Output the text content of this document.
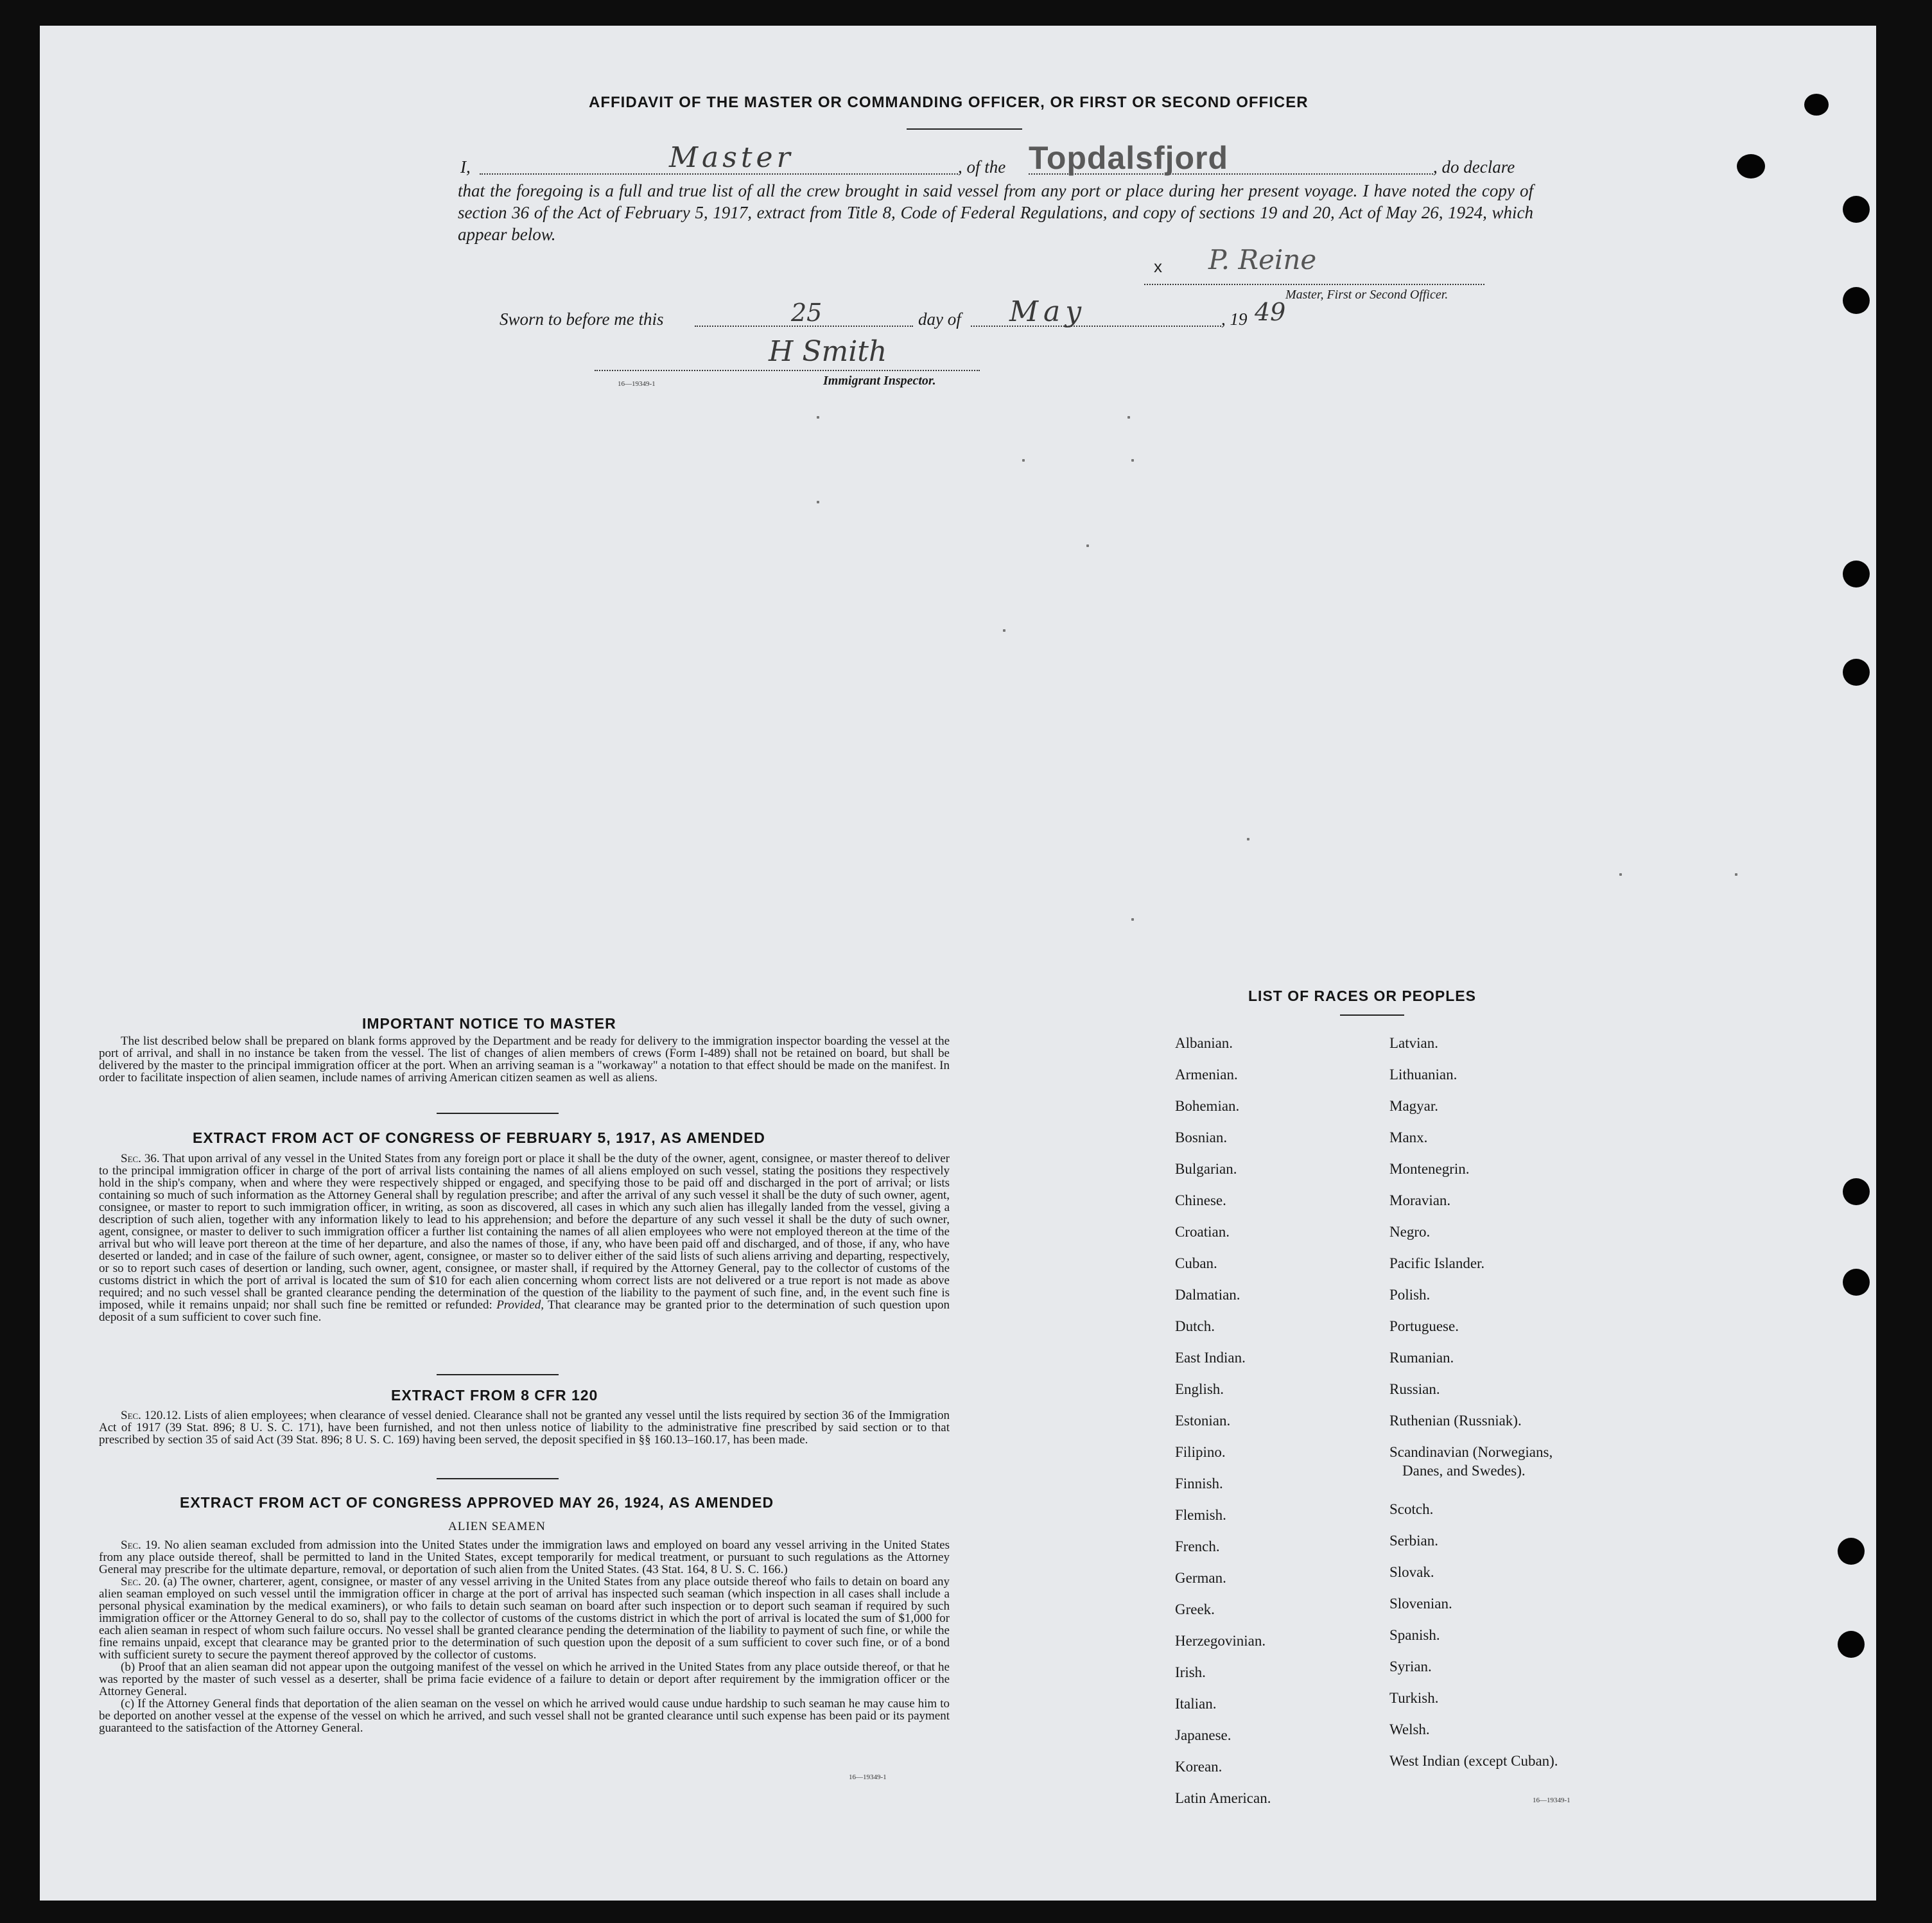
AFFIDAVIT OF THE MASTER OR COMMANDING OFFICER, OR FIRST OR SECOND OFFICER
I,	Master	, of the Topdalsfjord	, do declare
that the foregoing is a full and true list of all the crew brought in said vessel from any port or place during her present voyage. I have noted the copy of section 36 of the Act of February 5, 1917, extract from Title 8, Code of Federal Regulations, and copy of sections 19 and 20, Act of May 26, 1924, which appear below.
x P. Reine
Master, First or Second Officer.
Sworn to before me this	25	day of May	, 19 49
H Smith
Immigrant Inspector.
16—19349-1
IMPORTANT NOTICE TO MASTER

The list described below shall be prepared on blank forms approved by the Department and be ready for delivery to the immigration inspector boarding the vessel at the port of arrival, and shall in no instance be taken from the vessel. The list of changes of alien members of crews (Form I-489) shall not be retained on board, but shall be delivered by the master to the principal immigration officer at the port. When an arriving seaman is a "workaway" a notation to that effect should be made on the manifest. In order to facilitate inspection of alien seamen, include names of arriving American citizen seamen as well as aliens.

EXTRACT FROM ACT OF CONGRESS OF FEBRUARY 5, 1917, AS AMENDED

Sec. 36. That upon arrival of any vessel in the United States from any foreign port or place it shall be the duty of the owner, agent, consignee, or master thereof to deliver to the principal immigration officer in charge of the port of arrival lists containing the names of all aliens employed on such vessel, stating the positions they respectively hold in the ship's company, when and where they were respectively shipped or engaged, and specifying those to be paid off and discharged in the port of arrival; or lists containing so much of such information as the Attorney General shall by regulation prescribe; and after the arrival of any such vessel it shall be the duty of such owner, agent, consignee, or master to report to such immigration officer, in writing, as soon as discovered, all cases in which any such alien has illegally landed from the vessel, giving a description of such alien, together with any information likely to lead to his apprehension; and before the departure of any such vessel it shall be the duty of such owner, agent, consignee, or master to deliver to such immigration officer a further list containing the names of all alien employees who were not employed thereon at the time of the arrival but who will leave port thereon at the time of her departure, and also the names of those, if any, who have been paid off and discharged, and of those, if any, who have deserted or landed; and in case of the failure of such owner, agent, consignee, or master so to deliver either of the said lists of such aliens arriving and departing, respectively, or so to report such cases of desertion or landing, such owner, agent, consignee, or master shall, if required by the Attorney General, pay to the collector of customs of the customs district in which the port of arrival is located the sum of $10 for each alien concerning whom correct lists are not delivered or a true report is not made as above required; and no such vessel shall be granted clearance pending the determination of the question of the liability to the payment of such fine, and, in the event such fine is imposed, while it remains unpaid; nor shall such fine be remitted or refunded: Provided, That clearance may be granted prior to the determination of such question upon deposit of a sum sufficient to cover such fine.

EXTRACT FROM 8 CFR 120

Sec. 120.12. Lists of alien employees; when clearance of vessel denied. Clearance shall not be granted any vessel until the lists required by section 36 of the Immigration Act of 1917 (39 Stat. 896; 8 U. S. C. 171), have been furnished, and not then unless notice of liability to the administrative fine prescribed by said section or to that prescribed by section 35 of said Act (39 Stat. 896; 8 U. S. C. 169) having been served, the deposit specified in §§ 160.13–160.17, has been made.

EXTRACT FROM ACT OF CONGRESS APPROVED MAY 26, 1924, AS AMENDED
ALIEN SEAMEN

Sec. 19. No alien seaman excluded from admission into the United States under the immigration laws and employed on board any vessel arriving in the United States from any place outside thereof, shall be permitted to land in the United States, except temporarily for medical treatment, or pursuant to such regulations as the Attorney General may prescribe for the ultimate departure, removal, or deportation of such alien from the United States. (43 Stat. 164, 8 U. S. C. 166.)

Sec. 20. (a) The owner, charterer, agent, consignee, or master of any vessel arriving in the United States from any place outside thereof who fails to detain on board any alien seaman employed on such vessel until the immigration officer in charge at the port of arrival has inspected such seaman (which inspection in all cases shall include a personal physical examination by the medical examiners), or who fails to detain such seaman on board after such inspection or to deport such seaman if required by such immigration officer or the Attorney General to do so, shall pay to the collector of customs of the customs district in which the port of arrival is located the sum of $1,000 for each alien seaman in respect of whom such failure occurs. No vessel shall be granted clearance pending the determination of the liability to payment of such fine, or while the fine remains unpaid, except that clearance may be granted prior to the determination of such question upon the deposit of a sum sufficient to cover such fine, or of a bond with sufficient surety to secure the payment thereof approved by the collector of customs.

(b) Proof that an alien seaman did not appear upon the outgoing manifest of the vessel on which he arrived in the United States from any place outside thereof, or that he was reported by the master of such vessel as a deserter, shall be prima facie evidence of a failure to detain or deport after requirement by the immigration officer or the Attorney General.

(c) If the Attorney General finds that deportation of the alien seaman on the vessel on which he arrived would cause undue hardship to such seaman he may cause him to be deported on another vessel at the expense of the vessel on which he arrived, and such vessel shall not be granted clearance until such expense has been paid or its payment guaranteed to the satisfaction of the Attorney General.

16—19349-1
LIST OF RACES OR PEOPLES
Albanian.
Armenian.
Bohemian.
Bosnian.
Bulgarian.
Chinese.
Croatian.
Cuban.
Dalmatian.
Dutch.
East Indian.
English.
Estonian.
Filipino.
Finnish.
Flemish.
French.
German.
Greek.
Herzegovinian.
Irish.
Italian.
Japanese.
Korean.
Latin American.
Latvian.
Lithuanian.
Magyar.
Manx.
Montenegrin.
Moravian.
Negro.
Pacific Islander.
Polish.
Portuguese.
Rumanian.
Russian.
Ruthenian (Russniak).
Scandinavian (Norwegians,
Danes, and Swedes).
Scotch.
Serbian.
Slovak.
Slovenian.
Spanish.
Syrian.
Turkish.
Welsh.
West Indian (except Cuban).
16—19349-1
